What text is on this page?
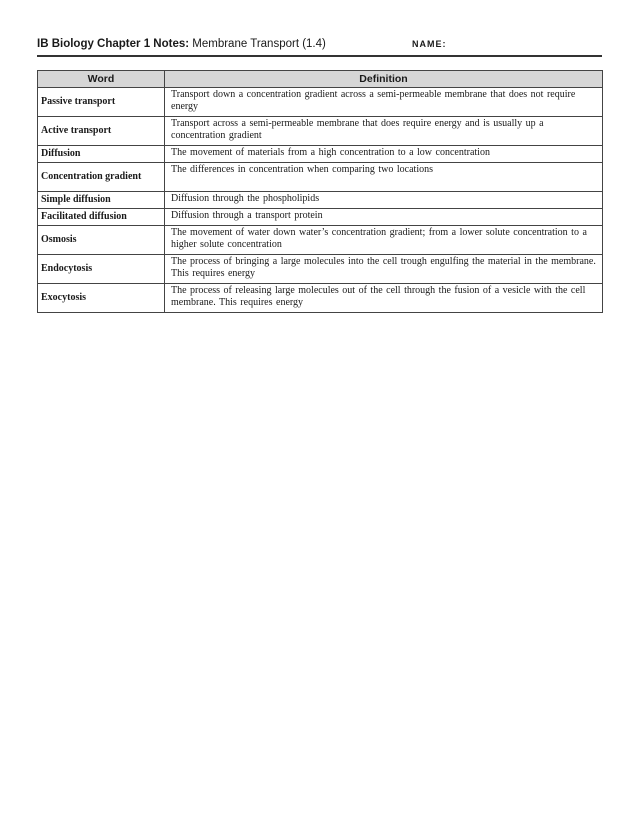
IB Biology Chapter 1 Notes: Membrane Transport (1.4)	NAME:
Word	Definition
Passive transport	Transport down a concentration gradient across a semi-permeable membrane that does not require energy
Active transport	Transport across a semi-permeable membrane that does require energy and is usually up a concentration gradient
Diffusion	The movement of materials from a high concentration to a low concentration
Concentration gradient	The differences in concentration when comparing two locations
Simple diffusion	Diffusion through the phospholipids
Facilitated diffusion	Diffusion through a transport protein
Osmosis	The movement of water down water’s concentration gradient; from a lower solute concentration to a higher solute concentration
Endocytosis	The process of bringing a large molecules into the cell trough engulfing the material in the membrane. This requires energy
Exocytosis	The process of releasing large molecules out of the cell through the fusion of a vesicle with the cell membrane. This requires energy
